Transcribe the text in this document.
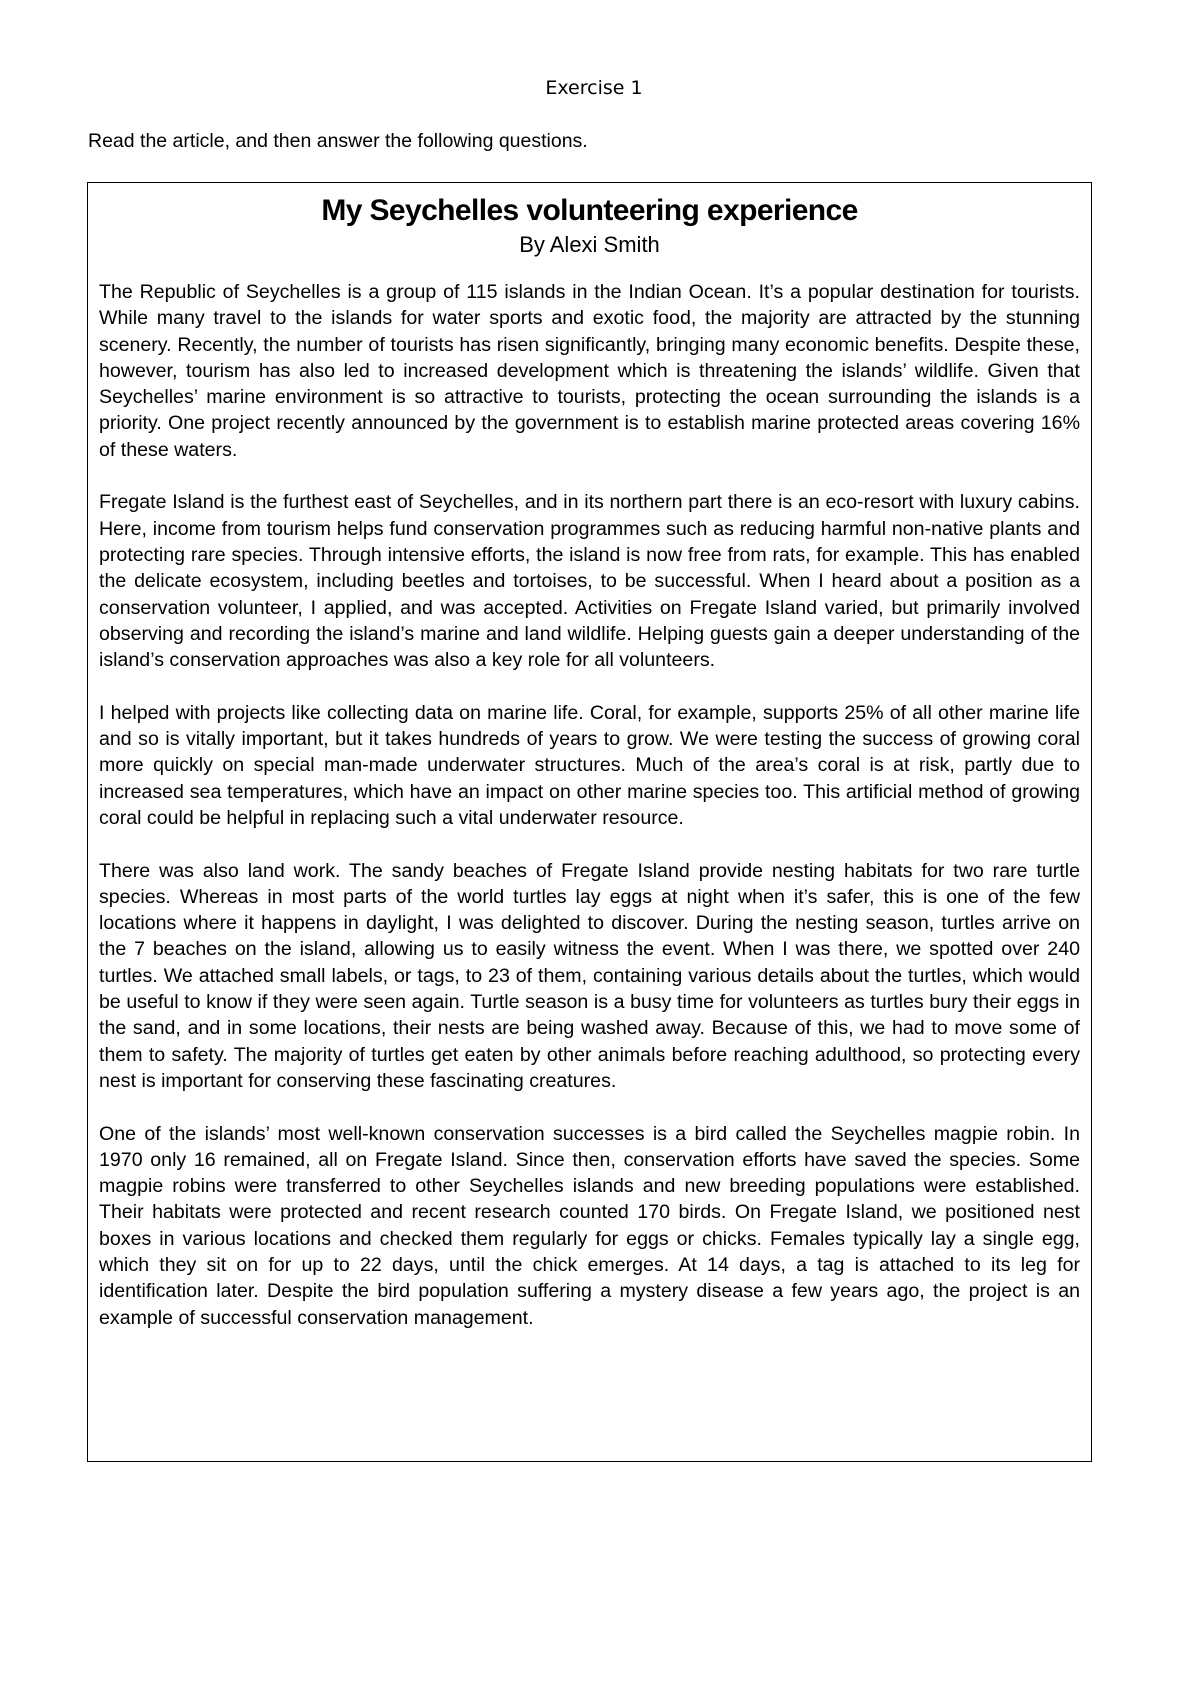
Exercise 1
Read the article, and then answer the following questions.
My Seychelles volunteering experience
By Alexi Smith

The Republic of Seychelles is a group of 115 islands in the Indian Ocean. It’s a popular destination for tourists. While many travel to the islands for water sports and exotic food, the majority are attracted by the stunning scenery. Recently, the number of tourists has risen significantly, bringing many economic benefits. Despite these, however, tourism has also led to increased development which is threatening the islands’ wildlife. Given that Seychelles’ marine environment is so attractive to tourists, protecting the ocean surrounding the islands is a priority. One project recently announced by the government is to establish marine protected areas covering 16% of these waters.

Fregate Island is the furthest east of Seychelles, and in its northern part there is an eco-resort with luxury cabins. Here, income from tourism helps fund conservation programmes such as reducing harmful non-native plants and protecting rare species. Through intensive efforts, the island is now free from rats, for example. This has enabled the delicate ecosystem, including beetles and tortoises, to be successful. When I heard about a position as a conservation volunteer, I applied, and was accepted. Activities on Fregate Island varied, but primarily involved observing and recording the island’s marine and land wildlife. Helping guests gain a deeper understanding of the island’s conservation approaches was also a key role for all volunteers.

I helped with projects like collecting data on marine life. Coral, for example, supports 25% of all other marine life and so is vitally important, but it takes hundreds of years to grow. We were testing the success of growing coral more quickly on special man-made underwater structures. Much of the area’s coral is at risk, partly due to increased sea temperatures, which have an impact on other marine species too. This artificial method of growing coral could be helpful in replacing such a vital underwater resource.

There was also land work. The sandy beaches of Fregate Island provide nesting habitats for two rare turtle species. Whereas in most parts of the world turtles lay eggs at night when it’s safer, this is one of the few locations where it happens in daylight, I was delighted to discover. During the nesting season, turtles arrive on the 7 beaches on the island, allowing us to easily witness the event. When I was there, we spotted over 240 turtles. We attached small labels, or tags, to 23 of them, containing various details about the turtles, which would be useful to know if they were seen again. Turtle season is a busy time for volunteers as turtles bury their eggs in the sand, and in some locations, their nests are being washed away. Because of this, we had to move some of them to safety. The majority of turtles get eaten by other animals before reaching adulthood, so protecting every nest is important for conserving these fascinating creatures.

One of the islands’ most well-known conservation successes is a bird called the Seychelles magpie robin. In 1970 only 16 remained, all on Fregate Island. Since then, conservation efforts have saved the species. Some magpie robins were transferred to other Seychelles islands and new breeding populations were established. Their habitats were protected and recent research counted 170 birds. On Fregate Island, we positioned nest boxes in various locations and checked them regularly for eggs or chicks. Females typically lay a single egg, which they sit on for up to 22 days, until the chick emerges. At 14 days, a tag is attached to its leg for identification later. Despite the bird population suffering a mystery disease a few years ago, the project is an example of successful conservation management.
